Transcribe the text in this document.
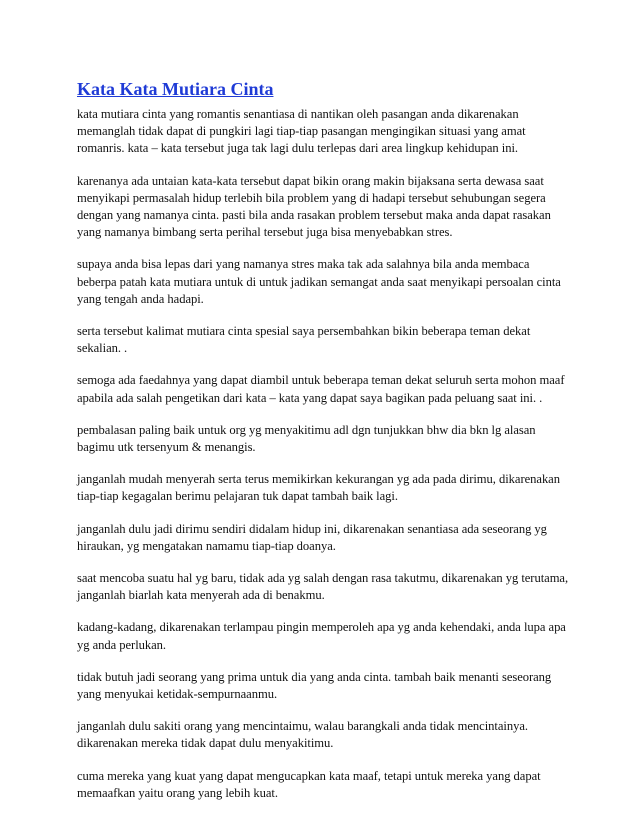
Kata Kata Mutiara Cinta

kata mutiara cinta yang romantis senantiasa di nantikan oleh pasangan anda dikarenakan memanglah tidak dapat di pungkiri lagi tiap-tiap pasangan mengingikan situasi yang amat romanris. kata – kata tersebut juga tak lagi dulu terlepas dari area lingkup kehidupan ini.

karenanya ada untaian kata-kata tersebut dapat bikin orang makin bijaksana serta dewasa saat menyikapi permasalah hidup terlebih bila problem yang di hadapi tersebut sehubungan segera dengan yang namanya cinta. pasti bila anda rasakan problem tersebut maka anda dapat rasakan yang namanya bimbang serta perihal tersebut juga bisa menyebabkan stres.

supaya anda bisa lepas dari yang namanya stres maka tak ada salahnya bila anda membaca beberpa patah kata mutiara untuk di untuk jadikan semangat anda saat menyikapi persoalan cinta yang tengah anda hadapi.

serta tersebut kalimat mutiara cinta spesial saya persembahkan bikin beberapa teman dekat sekalian. .

semoga ada faedahnya yang dapat diambil untuk beberapa teman dekat seluruh serta mohon maaf apabila ada salah pengetikan dari kata – kata yang dapat saya bagikan pada peluang saat ini. .

pembalasan paling baik untuk org yg menyakitimu adl dgn tunjukkan bhw dia bkn lg alasan bagimu utk tersenyum & menangis.

janganlah mudah menyerah serta terus memikirkan kekurangan yg ada pada dirimu, dikarenakan tiap-tiap kegagalan berimu pelajaran tuk dapat tambah baik lagi.

janganlah dulu jadi dirimu sendiri didalam hidup ini, dikarenakan senantiasa ada seseorang yg hiraukan, yg mengatakan namamu tiap-tiap doanya.

saat mencoba suatu hal yg baru, tidak ada yg salah dengan rasa takutmu, dikarenakan yg terutama, janganlah biarlah kata menyerah ada di benakmu.

kadang-kadang, dikarenakan terlampau pingin memperoleh apa yg anda kehendaki, anda lupa apa yg anda perlukan.

tidak butuh jadi seorang yang prima untuk dia yang anda cinta. tambah baik menanti seseorang yang menyukai ketidak-sempurnaanmu.

janganlah dulu sakiti orang yang mencintaimu, walau barangkali anda tidak mencintainya. dikarenakan mereka tidak dapat dulu menyakitimu.

cuma mereka yang kuat yang dapat mengucapkan kata maaf, tetapi untuk mereka yang dapat memaafkan yaitu orang yang lebih kuat.
